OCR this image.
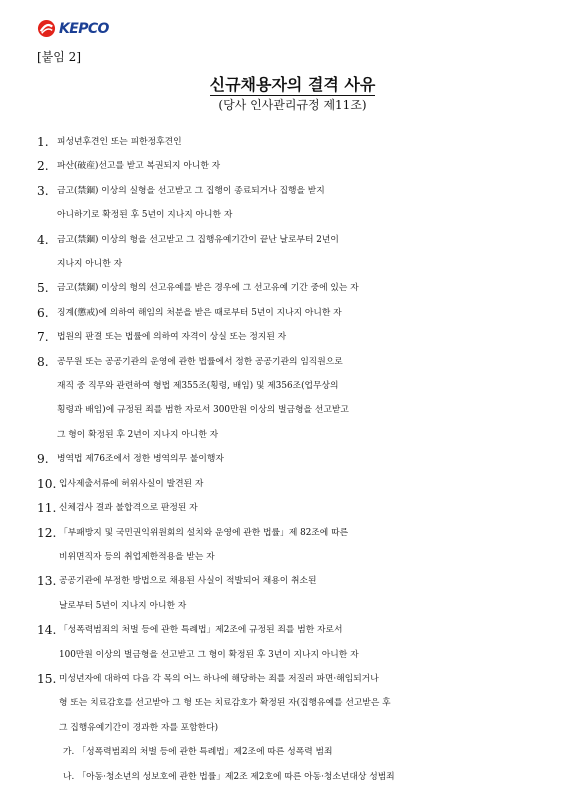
KEPCO
[붙임 2]
신규채용자의 결격 사유
(당사 인사관리규정 제11조)
1. 피성년후견인 또는 피한정후견인
2. 파산(破産)선고를 받고 복권되지 아니한 자
3. 금고(禁錮) 이상의 실형을 선고받고 그 집행이 종료되거나 집행을 받지
아니하기로 확정된 후 5년이 지나지 아니한 자
4. 금고(禁錮) 이상의 형을 선고받고 그 집행유예기간이 끝난 날로부터 2년이
지나지 아니한 자
5. 금고(禁錮) 이상의 형의 선고유예를 받은 경우에 그 선고유예 기간 중에 있는 자
6. 징계(懲戒)에 의하여 해임의 처분을 받은 때로부터 5년이 지나지 아니한 자
7. 법원의 판결 또는 법률에 의하여 자격이 상실 또는 정지된 자
8. 공무원 또는 공공기관의 운영에 관한 법률에서 정한 공공기관의 임직원으로
재직 중 직무와 관련하여 형법 제355조(횡령, 배임) 및 제356조(업무상의
횡령과 배임)에 규정된 죄를 범한 자로서 300만원 이상의 벌금형을 선고받고
그 형이 확정된 후 2년이 지나지 아니한 자
9. 병역법 제76조에서 정한 병역의무 불이행자
10. 입사제출서류에 허위사실이 발견된 자
11. 신체검사 결과 불합격으로 판정된 자
12. 「부패방지 및 국민권익위원회의 설치와 운영에 관한 법률」제 82조에 따른
비위면직자 등의 취업제한적용을 받는 자
13. 공공기관에 부정한 방법으로 채용된 사실이 적발되어 채용이 취소된
날로부터 5년이 지나지 아니한 자
14. 「성폭력범죄의 처벌 등에 관한 특례법」제2조에 규정된 죄를 범한 자로서
100만원 이상의 벌금형을 선고받고 그 형이 확정된 후 3년이 지나지 아니한 자
15. 미성년자에 대하여 다음 각 목의 어느 하나에 해당하는 죄를 저질러 파면·해임되거나
형 또는 치료감호를 선고받아 그 형 또는 치료감호가 확정된 자(집행유예를 선고받은 후
그 집행유예기간이 경과한 자를 포함한다)
가. 「성폭력범죄의 처벌 등에 관한 특례법」제2조에 따른 성폭력 범죄
나. 「아동·청소년의 성보호에 관한 법률」제2조 제2호에 따른 아동·청소년대상 성범죄
